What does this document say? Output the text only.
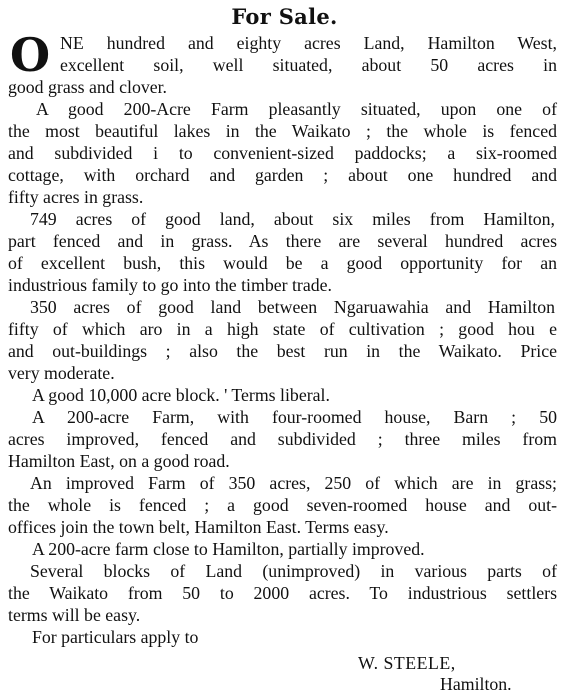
For Sale.
O NE hundred and eighty acres Land, Hamilton West,
excellent soil, well situated, about 50 acres in
good grass and clover.
A good 200-Acre Farm pleasantly situated, upon one of
the most beautiful lakes in the Waikato ; the whole is fenced
and subdivided i to convenient-sized paddocks; a six-roomed
cottage, with orchard and garden ; about one hundred and
fifty acres in grass.
749 acres of good land, about six miles from Hamilton,
part fenced and in grass. As there are several hundred acres
of excellent bush, this would be a good opportunity for an
industrious family to go into the timber trade.
350 acres of good land between Ngaruawahia and Hamilton
fifty of which aro in a high state of cultivation ; good hou e
and out-buildings ; also the best run in the Waikato. Price
very moderate.
A good 10,000 acre block. ' Terms liberal.
A 200-acre Farm, with four-roomed house, Barn ; 50
acres improved, fenced and subdivided ; three miles from
Hamilton East, on a good road.
An improved Farm of 350 acres, 250 of which are in grass;
the whole is fenced ; a good seven-roomed house and out-
offices join the town belt, Hamilton East. Terms easy.
A 200-acre farm close to Hamilton, partially improved.
Several blocks of Land (unimproved) in various parts of
the Waikato from 50 to 2000 acres. To industrious settlers
terms will be easy.
For particulars apply to
W. STEELE,
Hamilton.
